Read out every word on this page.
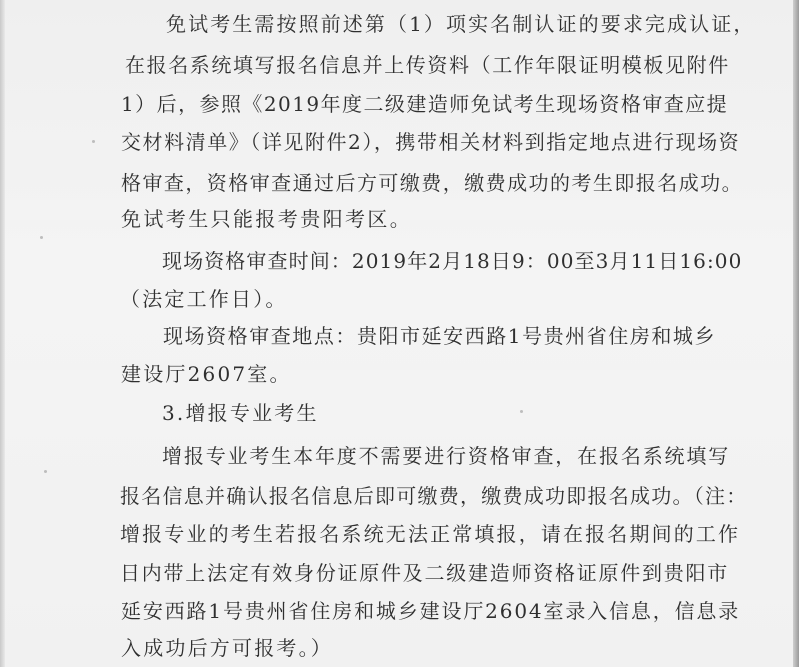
免试考生需按照前述第（1）项实名制认证的要求完成认证，

在报名系统填写报名信息并上传资料（工作年限证明模板见附件

1）后，参照《2019年度二级建造师免试考生现场资格审查应提

交材料清单》（详见附件2），携带相关材料到指定地点进行现场资

格审查，资格审查通过后方可缴费，缴费成功的考生即报名成功。

免试考生只能报考贵阳考区。

现场资格审查时间：2019年2月18日9：00至3月11日16:00

（法定工作日）。

现场资格审查地点：贵阳市延安西路1号贵州省住房和城乡

建设厅2607室。

3.增报专业考生

增报专业考生本年度不需要进行资格审查，在报名系统填写

报名信息并确认报名信息后即可缴费，缴费成功即报名成功。（注：

增报专业的考生若报名系统无法正常填报，请在报名期间的工作

日内带上法定有效身份证原件及二级建造师资格证原件到贵阳市

延安西路1号贵州省住房和城乡建设厅2604室录入信息，信息录

入成功后方可报考。）
